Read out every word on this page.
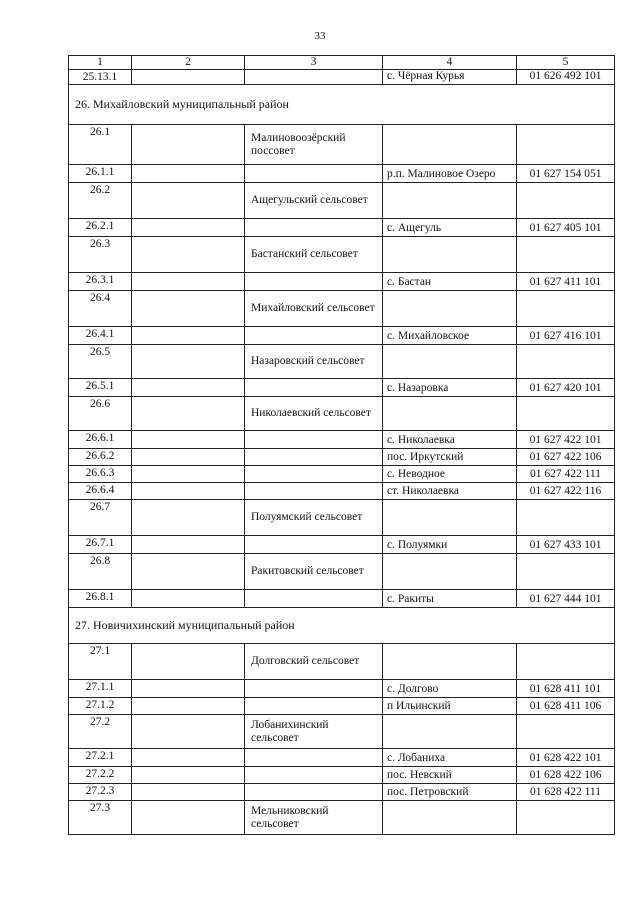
33
1	2	3	4	5
25.13.1			с. Чёрная Курья	01 626 492 101
26. Михайловский муниципальный район				
26.1		Малиновоозёрский поссовет		
26.1.1			р.п. Малиновое Озеро	01 627 154 051
26.2		Ащегульский сельсовет		
26.2.1			с. Ащегуль	01 627 405 101
26.3		Бастанский сельсовет		
26.3.1			с. Бастан	01 627 411 101
26.4		Михайловский сельсовет		
26.4.1			с. Михайловское	01 627 416 101
26.5		Назаровский сельсовет		
26.5.1			с. Назаровка	01 627 420 101
26.6		Николаевский сельсовет		
26.6.1			с. Николаевка	01 627 422 101
26.6.2			пос. Иркутский	01 627 422 106
26.6.3			с. Неводное	01 627 422 111
26.6.4			ст. Николаевка	01 627 422 116
26.7		Полуямский сельсовет		
26.7.1			с. Полуямки	01 627 433 101
26.8		Ракитовский сельсовет		
26.8.1			с. Ракиты	01 627 444 101
27. Новичихинский муниципальный район				
27.1		Долговский сельсовет		
27.1.1			с. Долгово	01 628 411 101
27.1.2			п Ильинский	01 628 411 106
27.2		Лобанихинский сельсовет		
27.2.1			с. Лобаниха	01 628 422 101
27.2.2			пос. Невский	01 628 422 106
27.2.3			пос. Петровский	01 628 422 111
27.3		Мельниковский сельсовет		
